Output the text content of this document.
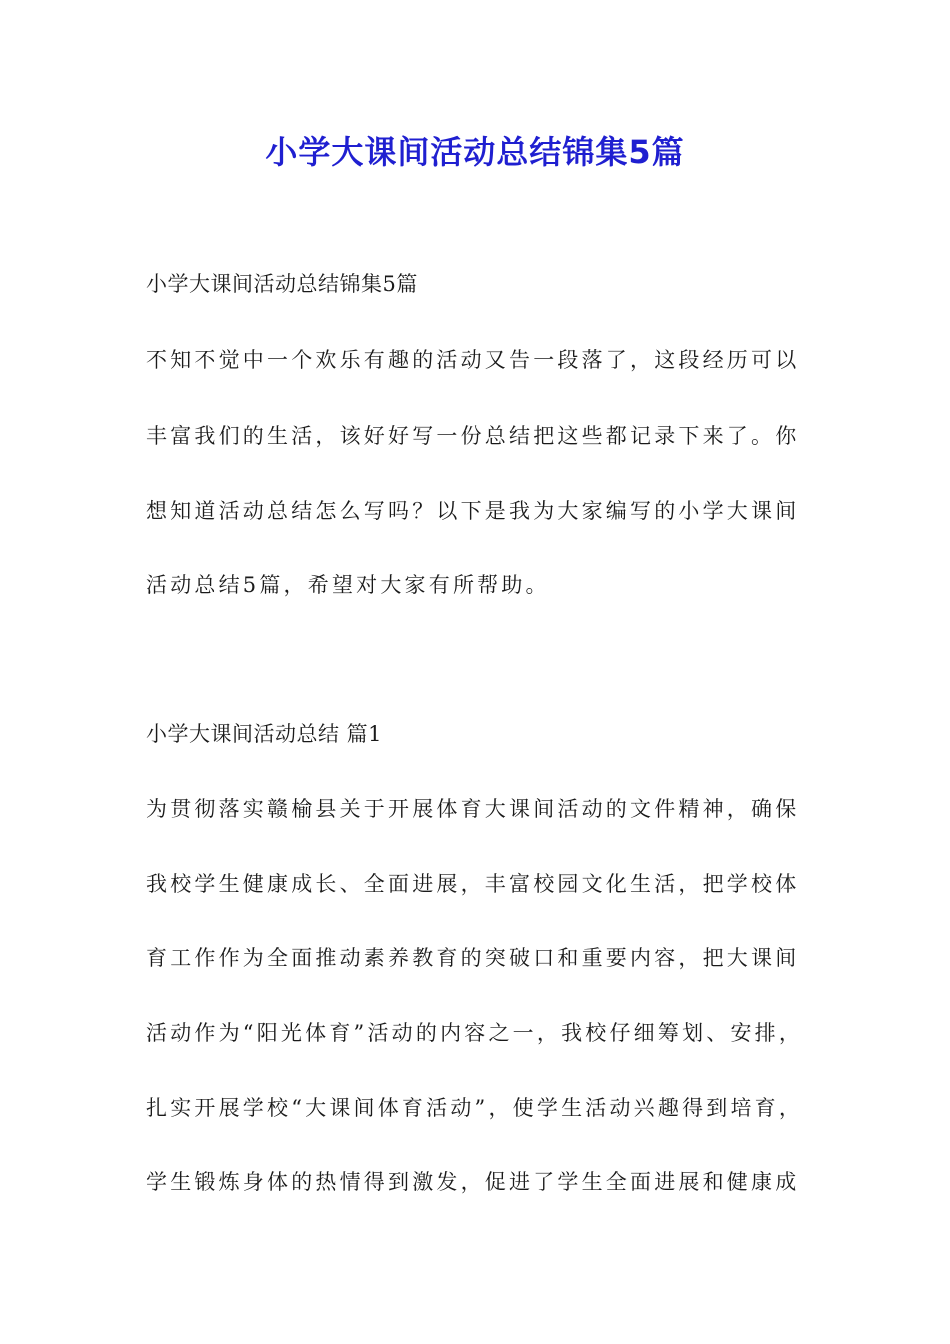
小学大课间活动总结锦集5篇

小学大课间活动总结锦集5篇

不知不觉中一个欢乐有趣的活动又告一段落了，这段经历可以

丰富我们的生活，该好好写一份总结把这些都记录下来了。你

想知道活动总结怎么写吗？以下是我为大家编写的小学大课间

活动总结5篇，希望对大家有所帮助。

小学大课间活动总结 篇1

为贯彻落实赣榆县关于开展体育大课间活动的文件精神，确保

我校学生健康成长、全面进展，丰富校园文化生活，把学校体

育工作作为全面推动素养教育的突破口和重要内容，把大课间

活动作为“阳光体育”活动的内容之一，我校仔细筹划、安排，

扎实开展学校“大课间体育活动”，使学生活动兴趣得到培育，

学生锻炼身体的热情得到激发，促进了学生全面进展和健康成
